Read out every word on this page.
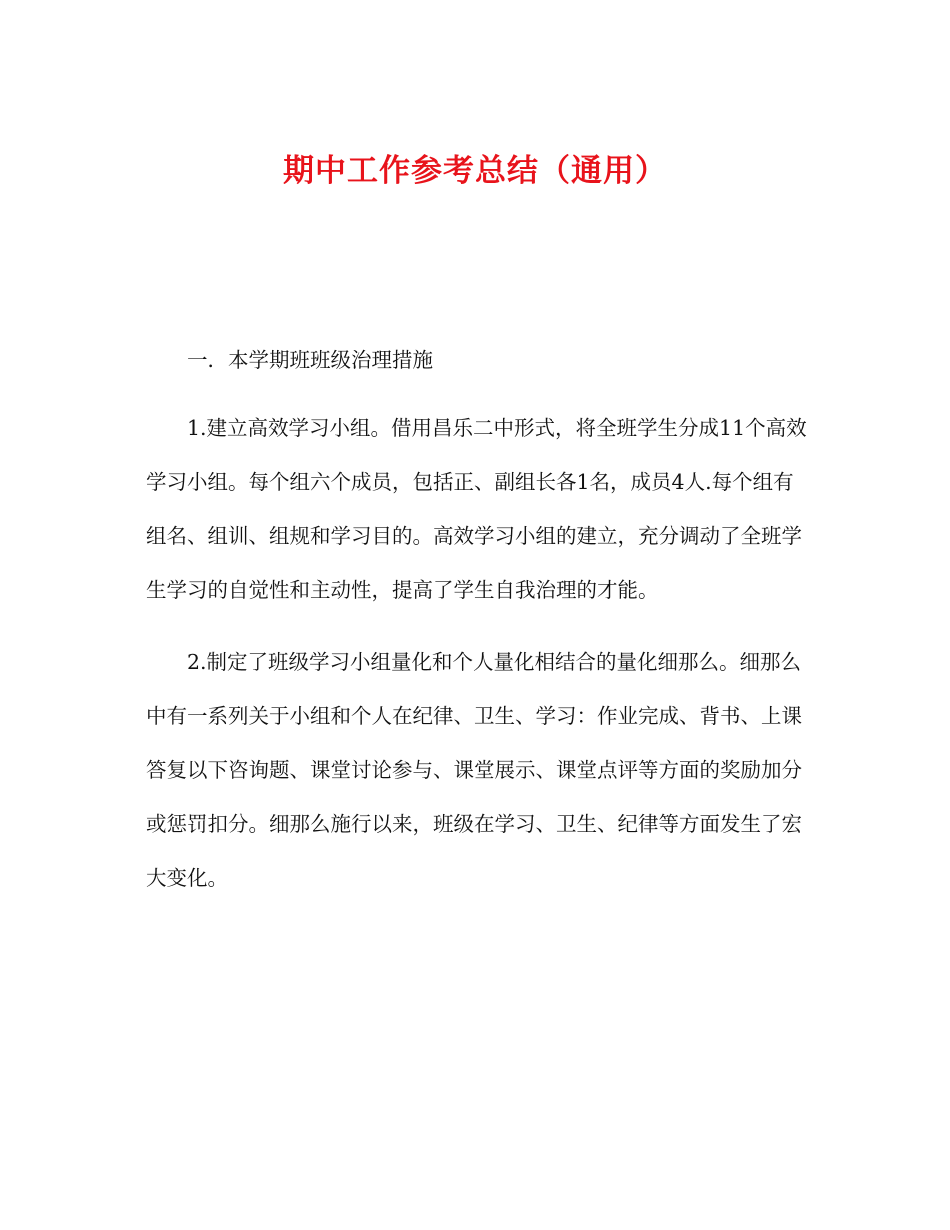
期中工作参考总结（通用）

一．本学期班班级治理措施

1.建立高效学习小组。借用昌乐二中形式，将全班学生分成11个高效学习小组。每个组六个成员，包括正、副组长各1名，成员4人.每个组有组名、组训、组规和学习目的。高效学习小组的建立，充分调动了全班学生学习的自觉性和主动性，提高了学生自我治理的才能。

2.制定了班级学习小组量化和个人量化相结合的量化细那么。细那么中有一系列关于小组和个人在纪律、卫生、学习：作业完成、背书、上课答复以下咨询题、课堂讨论参与、课堂展示、课堂点评等方面的奖励加分或惩罚扣分。细那么施行以来，班级在学习、卫生、纪律等方面发生了宏大变化。
